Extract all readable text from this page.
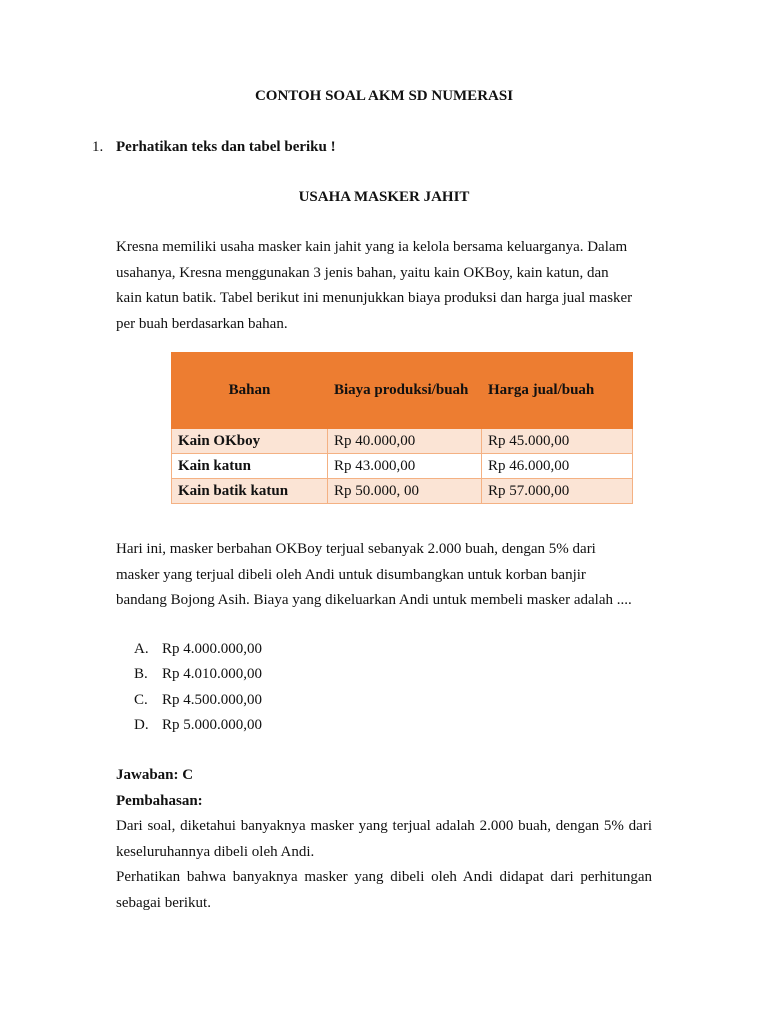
CONTOH SOAL AKM SD NUMERASI
1. Perhatikan teks dan tabel beriku !
USAHA MASKER JAHIT
Kresna memiliki usaha masker kain jahit yang ia kelola bersama keluarganya. Dalam
usahanya, Kresna menggunakan 3 jenis bahan, yaitu kain OKBoy, kain katun, dan
kain katun batik. Tabel berikut ini menunjukkan biaya produksi dan harga jual masker
per buah berdasarkan bahan.
Bahan	Biaya produksi/buah	Harga jual/buah
Kain OKboy	Rp 40.000,00	Rp 45.000,00
Kain katun	Rp 43.000,00	Rp 46.000,00
Kain batik katun	Rp 50.000, 00	Rp 57.000,00
Hari ini, masker berbahan OKBoy terjual sebanyak 2.000 buah, dengan 5% dari
masker yang terjual dibeli oleh Andi untuk disumbangkan untuk korban banjir
bandang Bojong Asih. Biaya yang dikeluarkan Andi untuk membeli masker adalah ....
A. Rp 4.000.000,00
B. Rp 4.010.000,00
C. Rp 4.500.000,00
D. Rp 5.000.000,00

Jawaban: C

Pembahasan:

Dari soal, diketahui banyaknya masker yang terjual adalah 2.000 buah, dengan 5% dari keseluruhannya dibeli oleh Andi.

Perhatikan bahwa banyaknya masker yang dibeli oleh Andi didapat dari perhitungan sebagai berikut.
